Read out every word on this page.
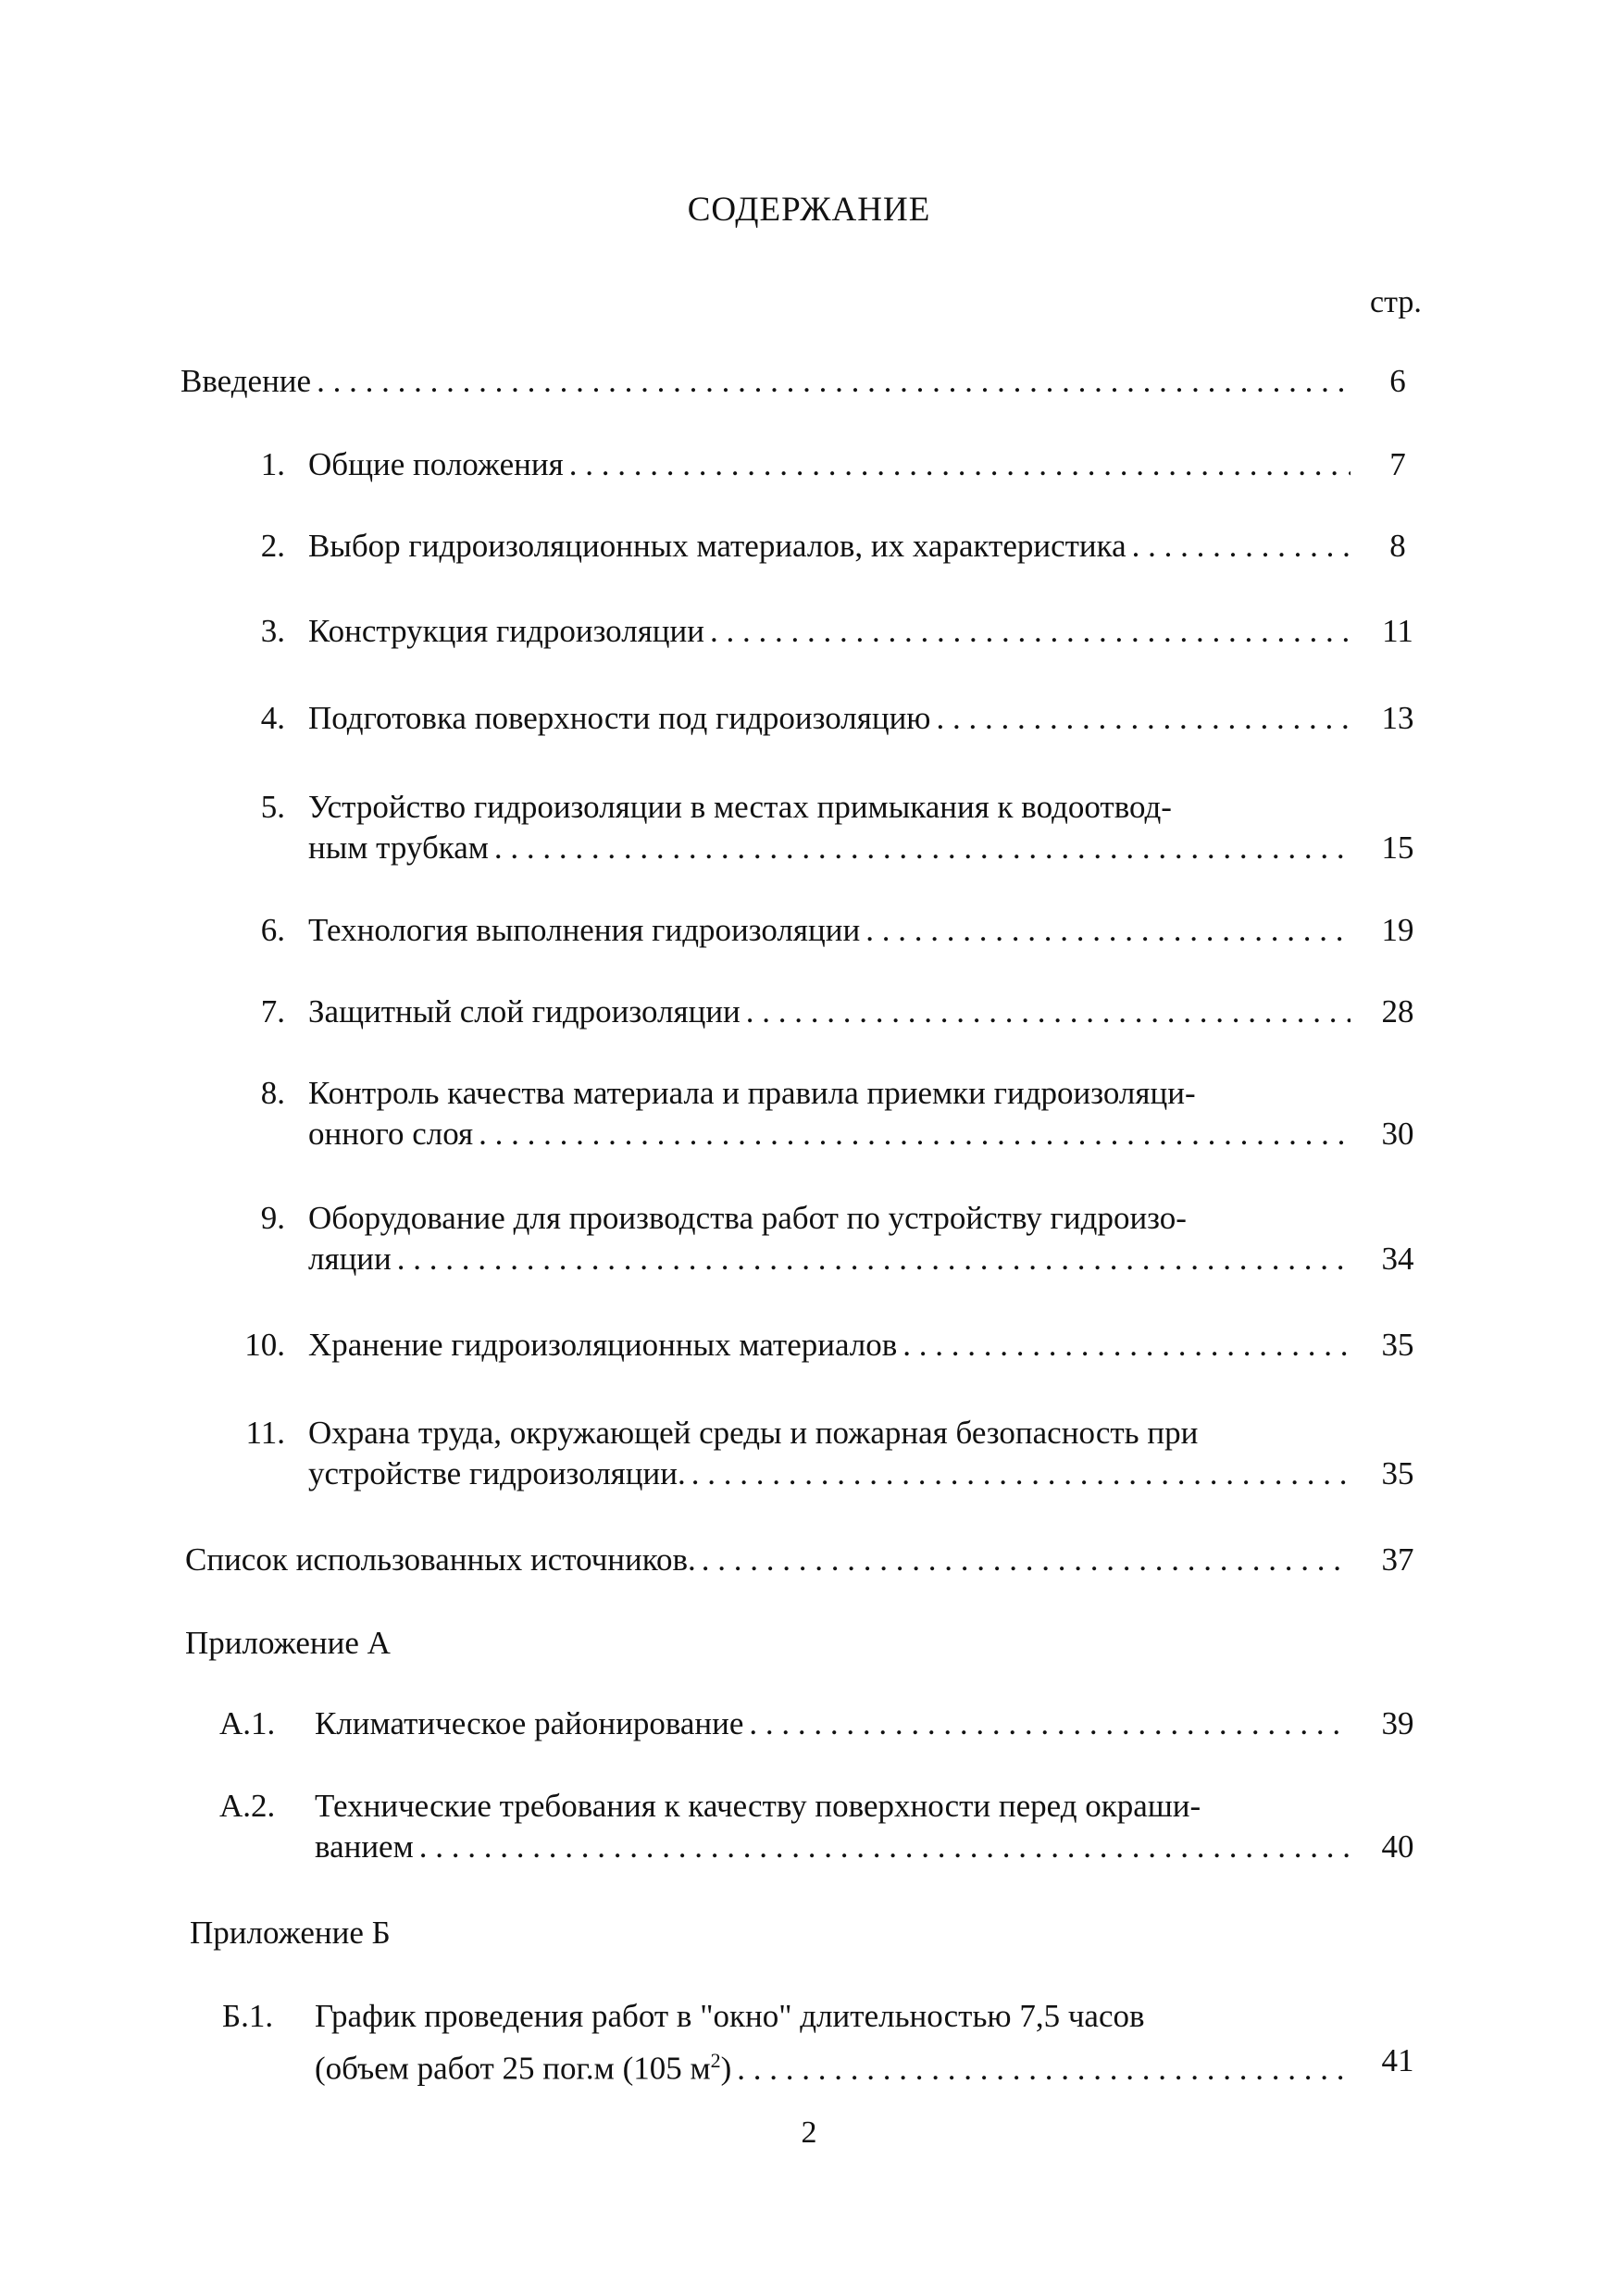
СОДЕРЖАНИЕ
стр.
Введение . . .	6
1. Общие положения . . .	7
2. Выбор гидроизоляционных материалов, их характеристика . . .	8
3. Конструкция гидроизоляции . . .	11
4. Подготовка поверхности под гидроизоляцию . . .	13
5. Устройство гидроизоляции в местах примыкания к водоотвод-
ным трубкам . . .	15
6. Технология выполнения гидроизоляции . . .	19
7. Защитный слой гидроизоляции . . .	28
8. Контроль качества материала и правила приемки гидроизоляци-
онного слоя . . .	30
9. Оборудование для производства работ по устройству гидроизо-
ляции . . .	34
10. Хранение гидроизоляционных материалов . . .	35
11. Охрана труда, окружающей среды и пожарная безопасность при
устройстве гидроизоляции. . . .	35
Список использованных источников. . . .	37
Приложение А
А.1.	Климатическое районирование . . .	39
А.2.	Технические требования к качеству поверхности перед окраши-
ванием . . .	40
Приложение Б
Б.1.	График проведения работ в "окно" длительностью 7,5 часов
(объем работ 25 пог.м (105 $м^2$) . . .	41
2
